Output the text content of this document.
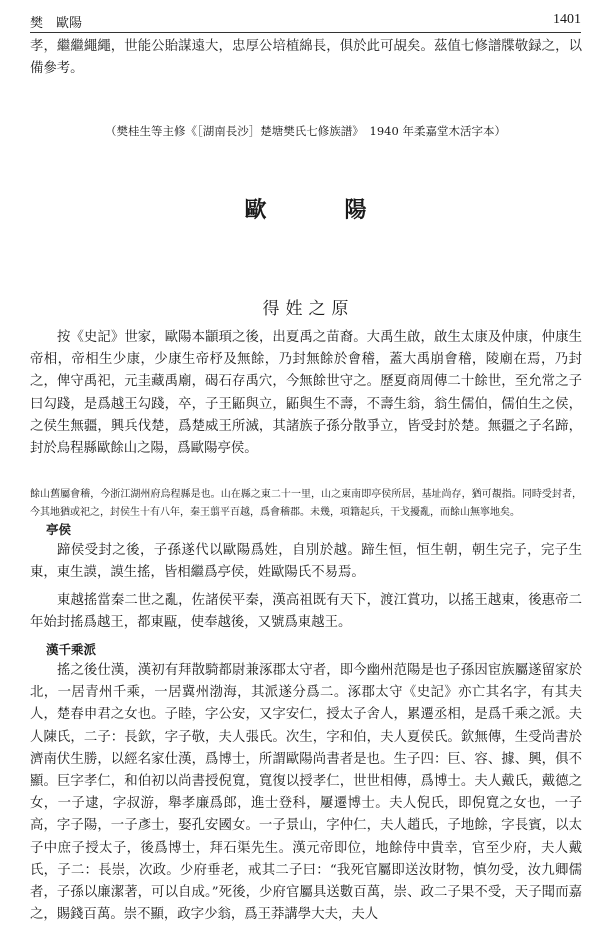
樊　歐陽	1401

孝，繼繼繩繩，世能公貽謀遠大，忠厚公培植綿長，俱於此可覘矣。茲值七修譜牒敬録之，以備參考。

（樊桂生等主修《［湖南長沙］楚塘樊氏七修族譜》　1940 年柔嘉堂木活字本）
歐　陽
得姓之原

按《史記》世家，歐陽本顓頊之後，出夏禹之苗裔。大禹生啟，啟生太康及仲康，仲康生帝相，帝相生少康，少康生帝杼及無餘，乃封無餘於會稽，蓋大禹崩會稽，陵廟在焉，乃封之，俾守禹祀，元圭藏禹廟，碣石存禹穴，今無餘世守之。歷夏商周傳二十餘世，至允常之子曰勾踐，是爲越王勾踐，卒，子王鼫與立，鼫與生不壽，不壽生翁，翁生儒伯，儒伯生之侯，之侯生無疆，興兵伐楚，爲楚威王所滅，其諸族子孫分散爭立，皆受封於楚。無疆之子名蹄，封於烏程縣歐餘山之陽，爲歐陽亭侯。

餘山舊屬會稽，今浙江湖州府烏程縣是也。山在縣之東二十一里，山之東南即亭侯所居，基址尚存，猶可覩指。同時受封者，今其地猶或祀之，封侯生十有八年，秦王翦平百越，爲會稽郡。未幾，項籍起兵，干戈擾亂，而餘山無寧地矣。

亭侯

蹄侯受封之後，子孫遂代以歐陽爲姓，自別於越。蹄生恒，恒生朝，朝生完子，完子生東，東生謨，謨生搖，皆相繼爲亭侯，姓歐陽氏不易焉。

東越搖當秦二世之亂，佐諸侯平秦，漢高祖既有天下，渡江賞功，以搖王越東，後惠帝二年始封搖爲越王，都東甌，使奉越後，又號爲東越王。

漢千乘派

搖之後仕漢，漢初有拜散騎都尉兼涿郡太守者，即今幽州范陽是也子孫因宦族屬遂留家於北，一居青州千乘，一居冀州渤海，其派遂分爲二。涿郡太守《史記》亦亡其名字，有其夫人，楚春申君之女也。子睦，字公安，又字安仁，授太子舍人，累遷丞相，是爲千乘之派。夫人陳氏，二子：長欽，字子敬，夫人張氏。次生，字和伯，夫人夏侯氏。欽無傳，生受尚書於濟南伏生勝，以經名家仕漢，爲博士，所謂歐陽尚書者是也。生子四：巨、容、據、興，俱不顯。巨字孝仁，和伯初以尚書授倪寬，寬復以授孝仁，世世相傳，爲博士。夫人戴氏，戴德之女，一子逮，字叔游，舉孝廉爲郎，進士登科，屢遷博士。夫人倪氏，即倪寬之女也，一子高，字子陽，一子彥士，娶孔安國女。一子景山，字仲仁，夫人趙氏，子地餘，字長賓，以太子中庶子授太子，後爲博士，拜石渠先生。漢元帝即位，地餘侍中貴幸，官至少府，夫人戴氏，子二：長崇，次政。少府垂老，戒其二子曰：“我死官屬即送汝財物，慎勿受，汝九卿儒者，子孫以廉潔著，可以自成。”死後，少府官屬具送數百萬，崇、政二子果不受，天子聞而嘉之，賜錢百萬。崇不顯，政字少翁，爲王莽講學大夫，夫人
